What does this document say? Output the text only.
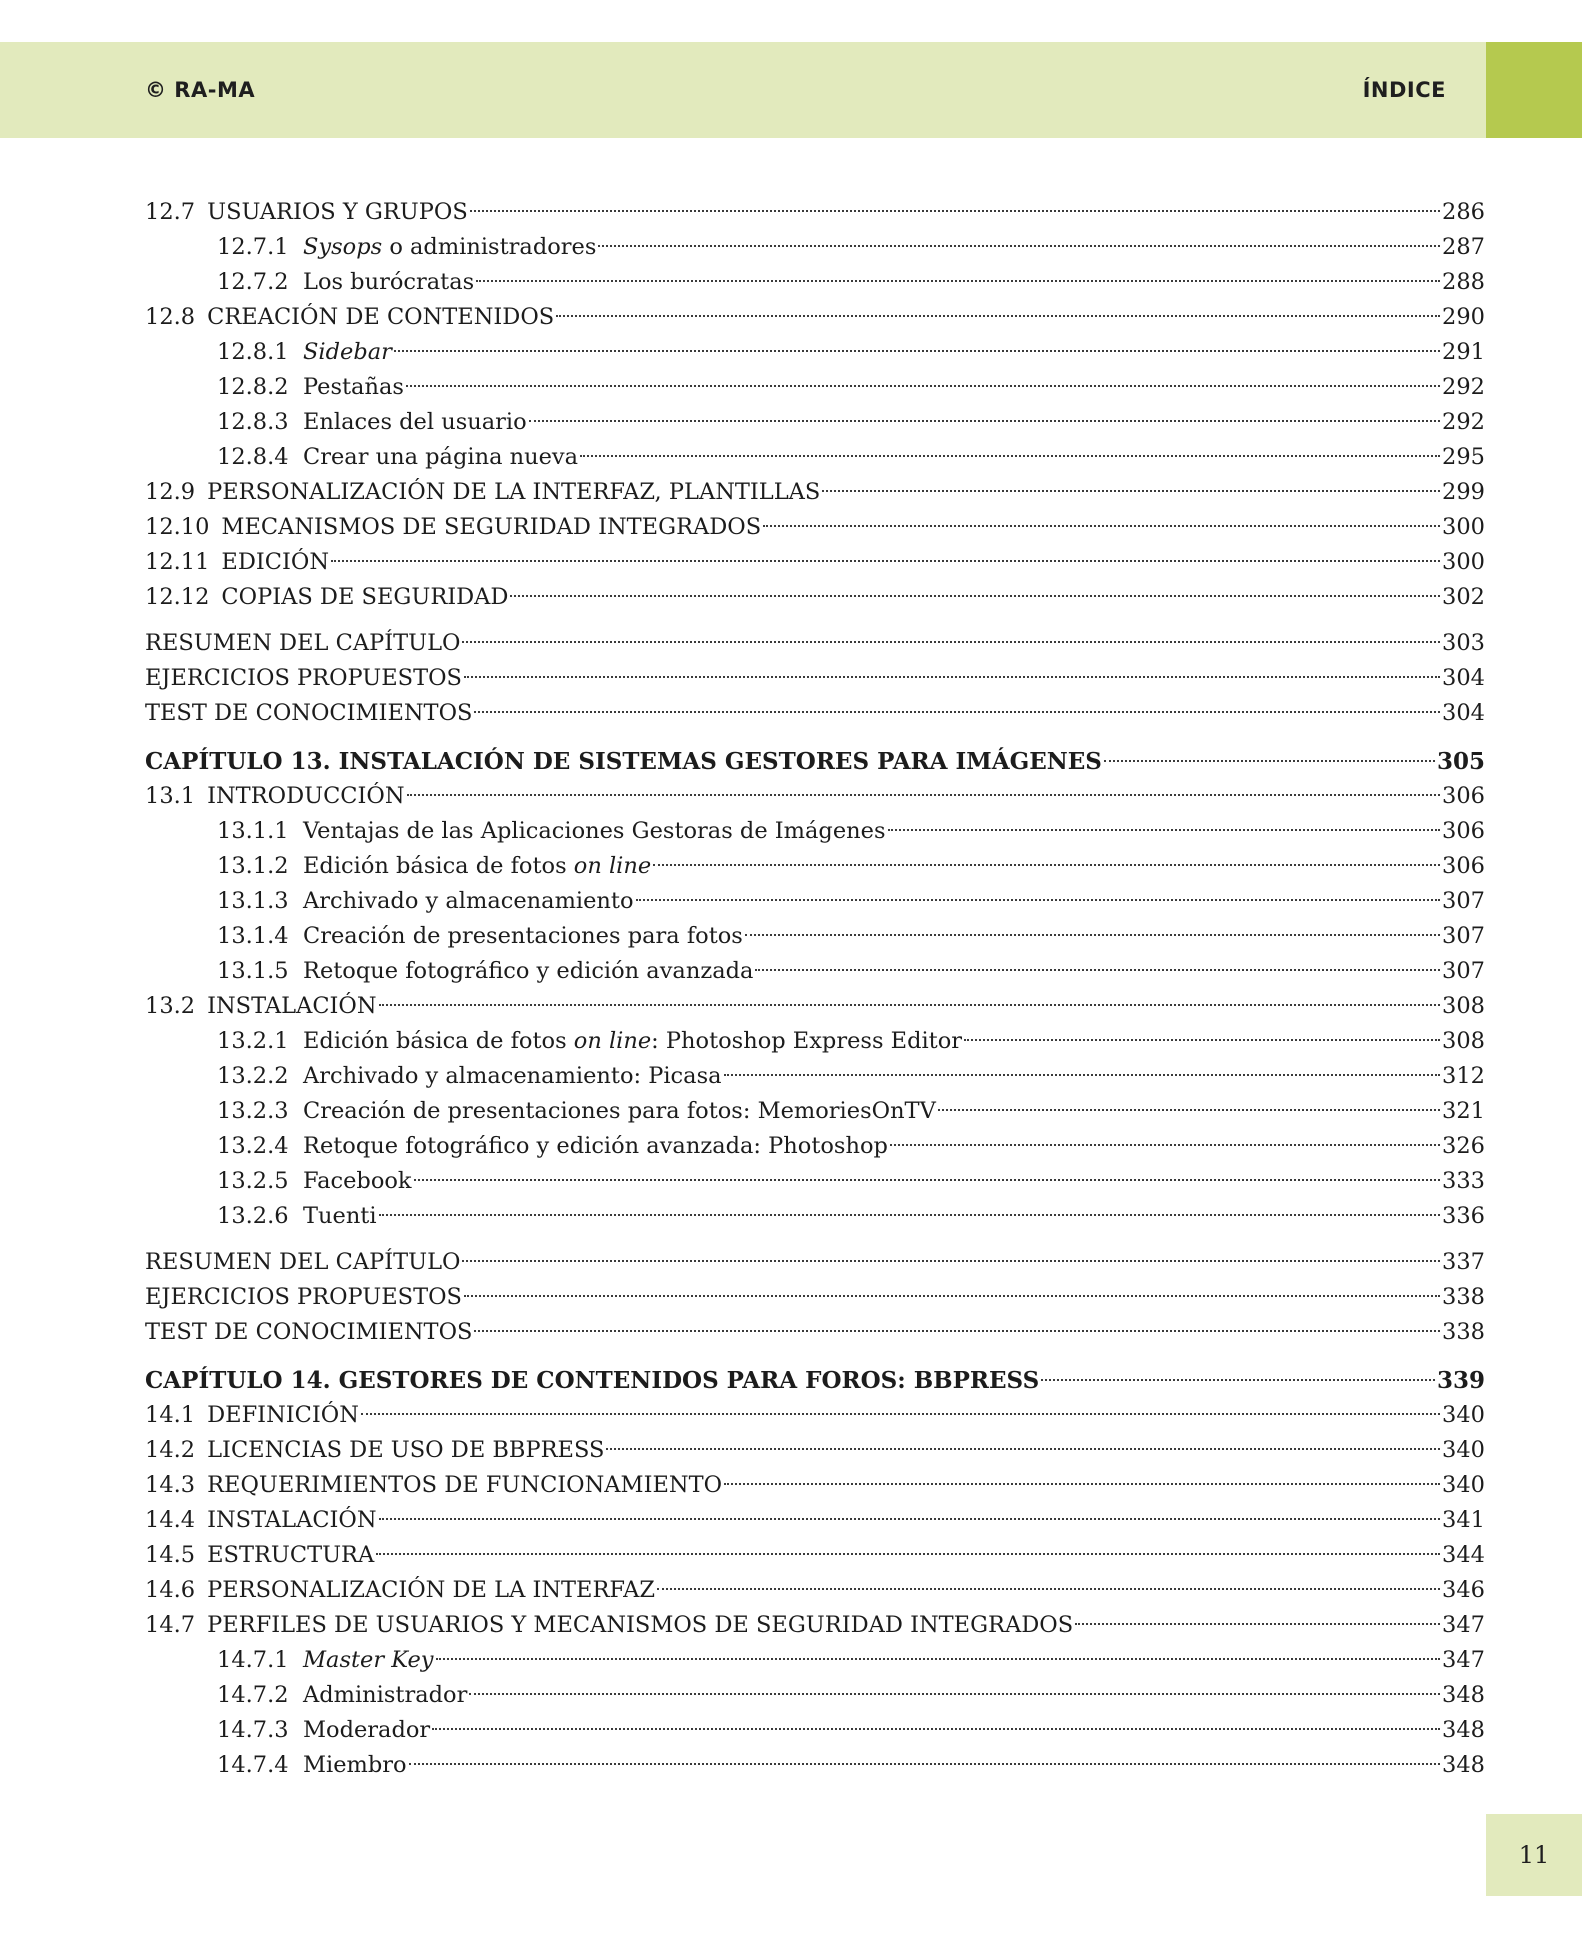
© RA-MA	ÍNDICE
12.7 USUARIOS Y GRUPOS	286
12.7.1 Sysops o administradores	287
12.7.2 Los burócratas	288
12.8 CREACIÓN DE CONTENIDOS	290
12.8.1 Sidebar	291
12.8.2 Pestañas	292
12.8.3 Enlaces del usuario	292
12.8.4 Crear una página nueva	295
12.9 PERSONALIZACIÓN DE LA INTERFAZ, PLANTILLAS	299
12.10 MECANISMOS DE SEGURIDAD INTEGRADOS	300
12.11 EDICIÓN	300
12.12 COPIAS DE SEGURIDAD	302
RESUMEN DEL CAPÍTULO	303
EJERCICIOS PROPUESTOS	304
TEST DE CONOCIMIENTOS	304
CAPÍTULO 13. INSTALACIÓN DE SISTEMAS GESTORES PARA IMÁGENES	305
13.1 INTRODUCCIÓN	306
13.1.1 Ventajas de las Aplicaciones Gestoras de Imágenes	306
13.1.2 Edición básica de fotos on line	306
13.1.3 Archivado y almacenamiento	307
13.1.4 Creación de presentaciones para fotos	307
13.1.5 Retoque fotográfico y edición avanzada	307
13.2 INSTALACIÓN	308
13.2.1 Edición básica de fotos on line: Photoshop Express Editor	308
13.2.2 Archivado y almacenamiento: Picasa	312
13.2.3 Creación de presentaciones para fotos: MemoriesOnTV	321
13.2.4 Retoque fotográfico y edición avanzada: Photoshop	326
13.2.5 Facebook	333
13.2.6 Tuenti	336
RESUMEN DEL CAPÍTULO	337
EJERCICIOS PROPUESTOS	338
TEST DE CONOCIMIENTOS	338
CAPÍTULO 14. GESTORES DE CONTENIDOS PARA FOROS: BBPRESS	339
14.1 DEFINICIÓN	340
14.2 LICENCIAS DE USO DE BBPRESS	340
14.3 REQUERIMIENTOS DE FUNCIONAMIENTO	340
14.4 INSTALACIÓN	341
14.5 ESTRUCTURA	344
14.6 PERSONALIZACIÓN DE LA INTERFAZ	346
14.7 PERFILES DE USUARIOS Y MECANISMOS DE SEGURIDAD INTEGRADOS	347
14.7.1 Master Key	347
14.7.2 Administrador	348
14.7.3 Moderador	348
14.7.4 Miembro	348
11
